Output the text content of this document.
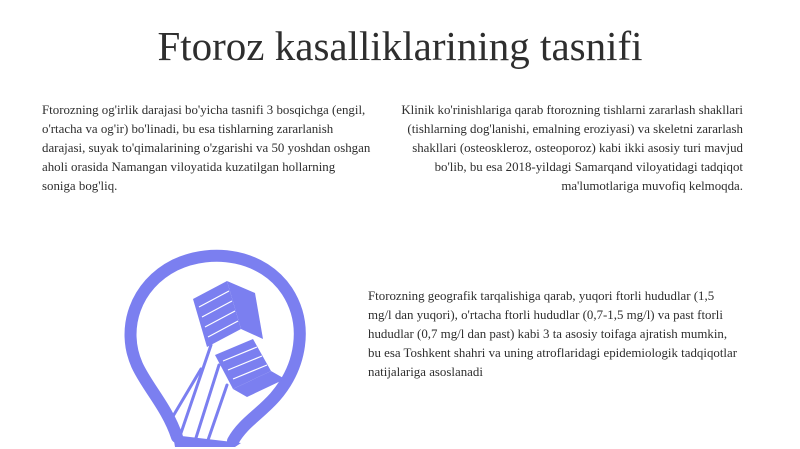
Ftoroz kasalliklarining tasnifi

Ftorozning og'irlik darajasi bo'yicha tasnifi 3 bosqichga (engil, o'rtacha va og'ir) bo'linadi, bu esa tishlarning zararlanish darajasi, suyak to'qimalarining o'zgarishi va 50 yoshdan oshgan aholi orasida Namangan viloyatida kuzatilgan hollarning soniga bog'liq.

Klinik ko'rinishlariga qarab ftorozning tishlarni zararlash shakllari (tishlarning dog'lanishi, emalning eroziyasi) va skeletni zararlash shakllari (osteoskleroz, osteoporoz) kabi ikki asosiy turi mavjud bo'lib, bu esa 2018-yildagi Samarqand viloyatidagi tadqiqot ma'lumotlariga muvofiq kelmoqda.

Ftorozning geografik tarqalishiga qarab, yuqori ftorli hududlar (1,5 mg/l dan yuqori), o'rtacha ftorli hududlar (0,7-1,5 mg/l) va past ftorli hududlar (0,7 mg/l dan past) kabi 3 ta asosiy toifaga ajratish mumkin, bu esa Toshkent shahri va uning atroflaridagi epidemiologik tadqiqotlar natijalariga asoslanadi
